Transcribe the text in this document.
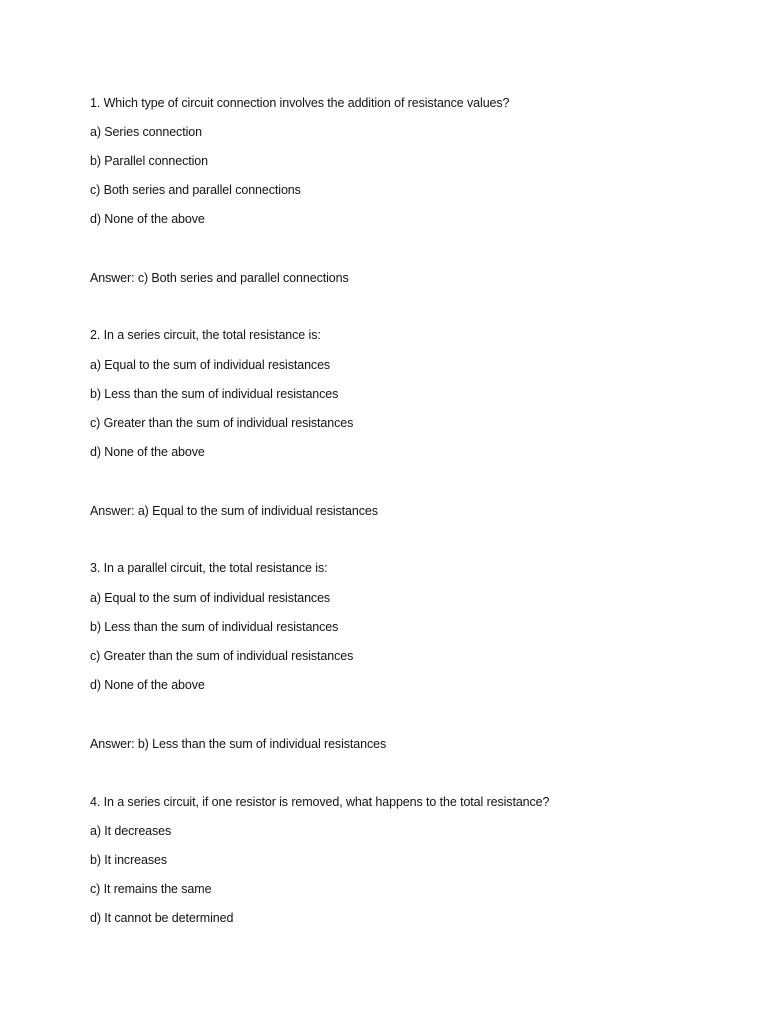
1. Which type of circuit connection involves the addition of resistance values?
a) Series connection
b) Parallel connection
c) Both series and parallel connections
d) None of the above
Answer: c) Both series and parallel connections
2. In a series circuit, the total resistance is:
a) Equal to the sum of individual resistances
b) Less than the sum of individual resistances
c) Greater than the sum of individual resistances
d) None of the above
Answer: a) Equal to the sum of individual resistances
3. In a parallel circuit, the total resistance is:
a) Equal to the sum of individual resistances
b) Less than the sum of individual resistances
c) Greater than the sum of individual resistances
d) None of the above
Answer: b) Less than the sum of individual resistances
4. In a series circuit, if one resistor is removed, what happens to the total resistance?
a) It decreases
b) It increases
c) It remains the same
d) It cannot be determined
